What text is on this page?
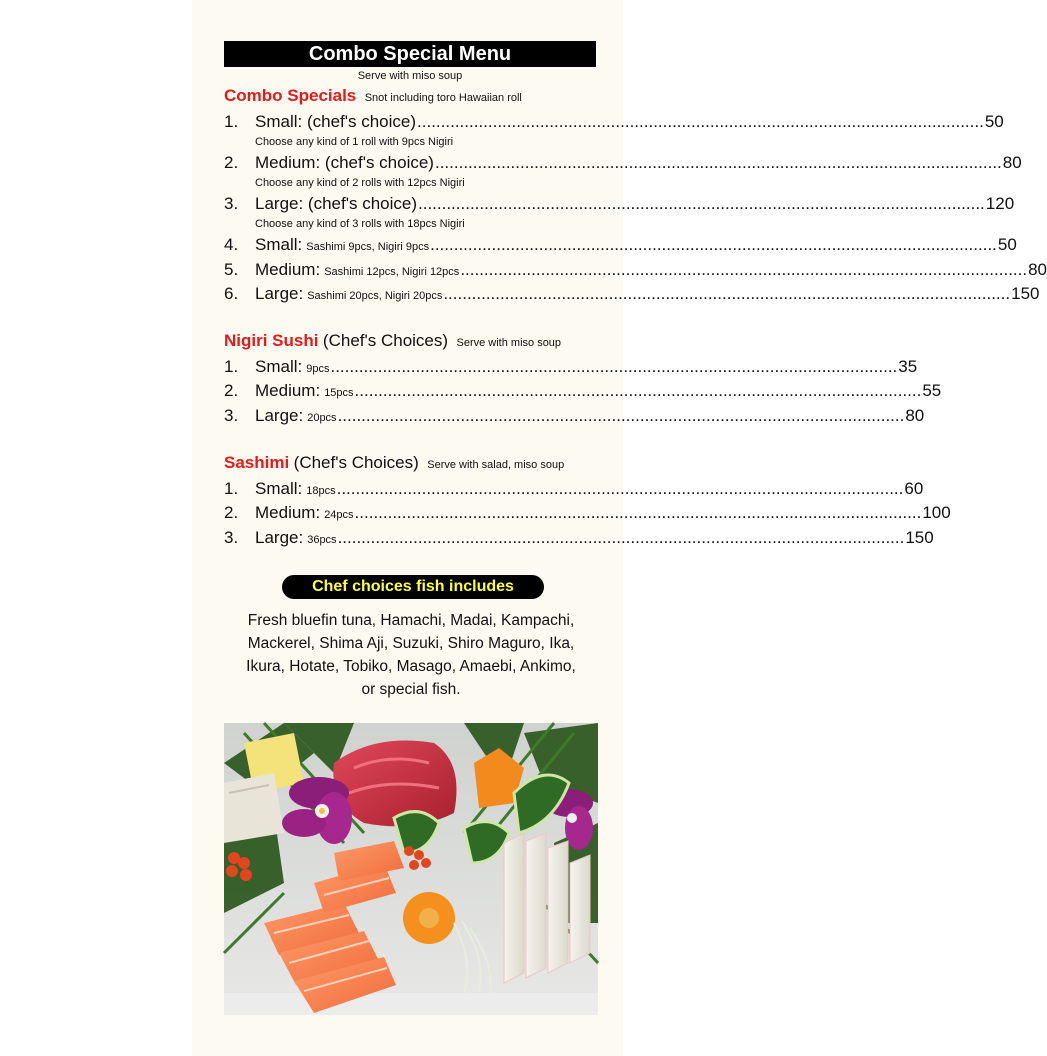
Combo Special Menu
Serve with miso soup
Combo Specials Snot including toro Hawaiian roll
1. Small: (chef's choice) ........................................................................................................................ 50
Choose any kind of 1 roll with 9pcs Nigiri
2. Medium: (chef's choice) ........................................................................................................................ 80
Choose any kind of 2 rolls with 12pcs Nigiri
3. Large: (chef's choice) ........................................................................................................................ 120
Choose any kind of 3 rolls with 18pcs Nigiri
4. Small: Sashimi 9pcs, Nigiri 9pcs ........................................................................................................................ 50
5. Medium: Sashimi 12pcs, Nigiri 12pcs ........................................................................................................................ 80
6. Large: Sashimi 20pcs, Nigiri 20pcs ........................................................................................................................ 150
Nigiri Sushi (Chef's Choices) Serve with miso soup
1. Small: 9pcs ........................................................................................................................ 35
2. Medium: 15pcs ........................................................................................................................ 55
3. Large: 20pcs ........................................................................................................................ 80
Sashimi (Chef's Choices) Serve with salad, miso soup
1. Small: 18pcs ........................................................................................................................ 60
2. Medium: 24pcs ........................................................................................................................ 100
3. Large: 36pcs ........................................................................................................................ 150
Chef choices fish includes
Fresh bluefin tuna, Hamachi, Madai, Kampachi,
Mackerel, Shima Aji, Suzuki, Shiro Maguro, Ika,
Ikura, Hotate, Tobiko, Masago, Amaebi, Ankimo,
or special fish.
